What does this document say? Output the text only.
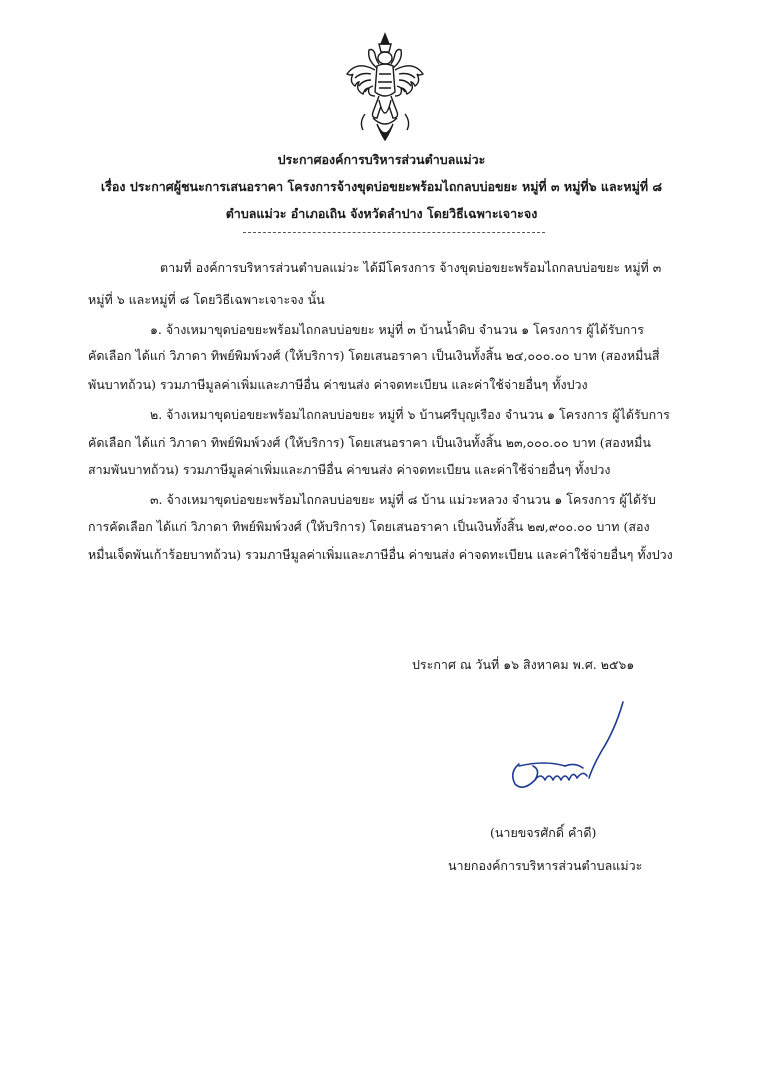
ประกาศองค์การบริหารส่วนตำบลแม่วะ
เรื่อง ประกาศผู้ชนะการเสนอราคา โครงการจ้างขุดบ่อขยะพร้อมไถกลบบ่อขยะ หมู่ที่ ๓ หมู่ที่๖ และหมู่ที่ ๘
ตำบลแม่วะ อำเภอเถิน จังหวัดลำปาง โดยวิธีเฉพาะเจาะจง
ตามที่ องค์การบริหารส่วนตำบลแม่วะ ได้มีโครงการ จ้างขุดบ่อขยะพร้อมไถกลบบ่อขยะ หมู่ที่ ๓
หมู่ที่ ๖ และหมู่ที่ ๘ โดยวิธีเฉพาะเจาะจง นั้น
๑. จ้างเหมาขุดบ่อขยะพร้อมไถกลบบ่อขยะ หมู่ที่ ๓ บ้านน้ำดิบ จำนวน ๑ โครงการ ผู้ได้รับการ
คัดเลือก ได้แก่ วิภาดา ทิพย์พิมพ์วงศ์ (ให้บริการ) โดยเสนอราคา เป็นเงินทั้งสิ้น ๒๔,๐๐๐.๐๐ บาท (สองหมื่นสี่
พันบาทถ้วน) รวมภาษีมูลค่าเพิ่มและภาษีอื่น ค่าขนส่ง ค่าจดทะเบียน และค่าใช้จ่ายอื่นๆ ทั้งปวง
๒. จ้างเหมาขุดบ่อขยะพร้อมไถกลบบ่อขยะ หมู่ที่ ๖ บ้านศรีบุญเรือง จำนวน ๑ โครงการ ผู้ได้รับการ
คัดเลือก ได้แก่ วิภาดา ทิพย์พิมพ์วงศ์ (ให้บริการ) โดยเสนอราคา เป็นเงินทั้งสิ้น ๒๓,๐๐๐.๐๐ บาท (สองหมื่น
สามพันบาทถ้วน) รวมภาษีมูลค่าเพิ่มและภาษีอื่น ค่าขนส่ง ค่าจดทะเบียน และค่าใช้จ่ายอื่นๆ ทั้งปวง
๓. จ้างเหมาขุดบ่อขยะพร้อมไถกลบบ่อขยะ หมู่ที่ ๘ บ้าน แม่วะหลวง จำนวน ๑ โครงการ ผู้ได้รับ
การคัดเลือก ได้แก่ วิภาดา ทิพย์พิมพ์วงศ์ (ให้บริการ) โดยเสนอราคา เป็นเงินทั้งสิ้น ๒๗,๙๐๐.๐๐ บาท (สอง
หมื่นเจ็ดพันเก้าร้อยบาทถ้วน) รวมภาษีมูลค่าเพิ่มและภาษีอื่น ค่าขนส่ง ค่าจดทะเบียน และค่าใช้จ่ายอื่นๆ ทั้งปวง
ประกาศ ณ วันที่ ๑๖ สิงหาคม พ.ศ. ๒๕๖๑
(นายขจรศักดิ์ คำดี)
นายกองค์การบริหารส่วนตำบลแม่วะ
